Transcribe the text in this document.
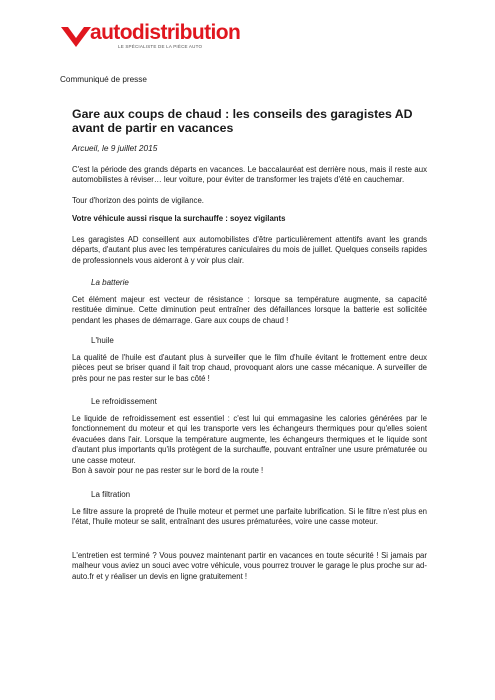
autodistribution
LE SPÉCIALISTE DE LA PIÈCE AUTO
Communiqué de presse
Gare aux coups de chaud : les conseils des garagistes AD avant de partir en vacances
Arcueil, le 9 juillet 2015

C'est la période des grands départs en vacances. Le baccalauréat est derrière nous, mais il reste aux automobilistes à réviser… leur voiture, pour éviter de transformer les trajets d'été en cauchemar.

Tour d'horizon des points de vigilance.

Votre véhicule aussi risque la surchauffe : soyez vigilants

Les garagistes AD conseillent aux automobilistes d'être particulièrement attentifs avant les grands départs, d'autant plus avec les températures caniculaires du mois de juillet. Quelques conseils rapides de professionnels vous aideront à y voir plus clair.

La batterie

Cet élément majeur est vecteur de résistance : lorsque sa température augmente, sa capacité restituée diminue. Cette diminution peut entraîner des défaillances lorsque la batterie est sollicitée pendant les phases de démarrage. Gare aux coups de chaud !

L'huile

La qualité de l'huile est d'autant plus à surveiller que le film d'huile évitant le frottement entre deux pièces peut se briser quand il fait trop chaud, provoquant alors une casse mécanique. A surveiller de près pour ne pas rester sur le bas côté !

Le refroidissement

Le liquide de refroidissement est essentiel : c'est lui qui emmagasine les calories générées par le fonctionnement du moteur et qui les transporte vers les échangeurs thermiques pour qu'elles soient évacuées dans l'air. Lorsque la température augmente, les échangeurs thermiques et le liquide sont d'autant plus importants qu'ils protègent de la surchauffe, pouvant entraîner une usure prématurée ou une casse moteur.

Bon à savoir pour ne pas rester sur le bord de la route !

La filtration

Le filtre assure la propreté de l'huile moteur et permet une parfaite lubrification. Si le filtre n'est plus en l'état, l'huile moteur se salit, entraînant des usures prématurées, voire une casse moteur.

L'entretien est terminé ? Vous pouvez maintenant partir en vacances en toute sécurité ! Si jamais par malheur vous aviez un souci avec votre véhicule, vous pourrez trouver le garage le plus proche sur ad-auto.fr et y réaliser un devis en ligne gratuitement !
